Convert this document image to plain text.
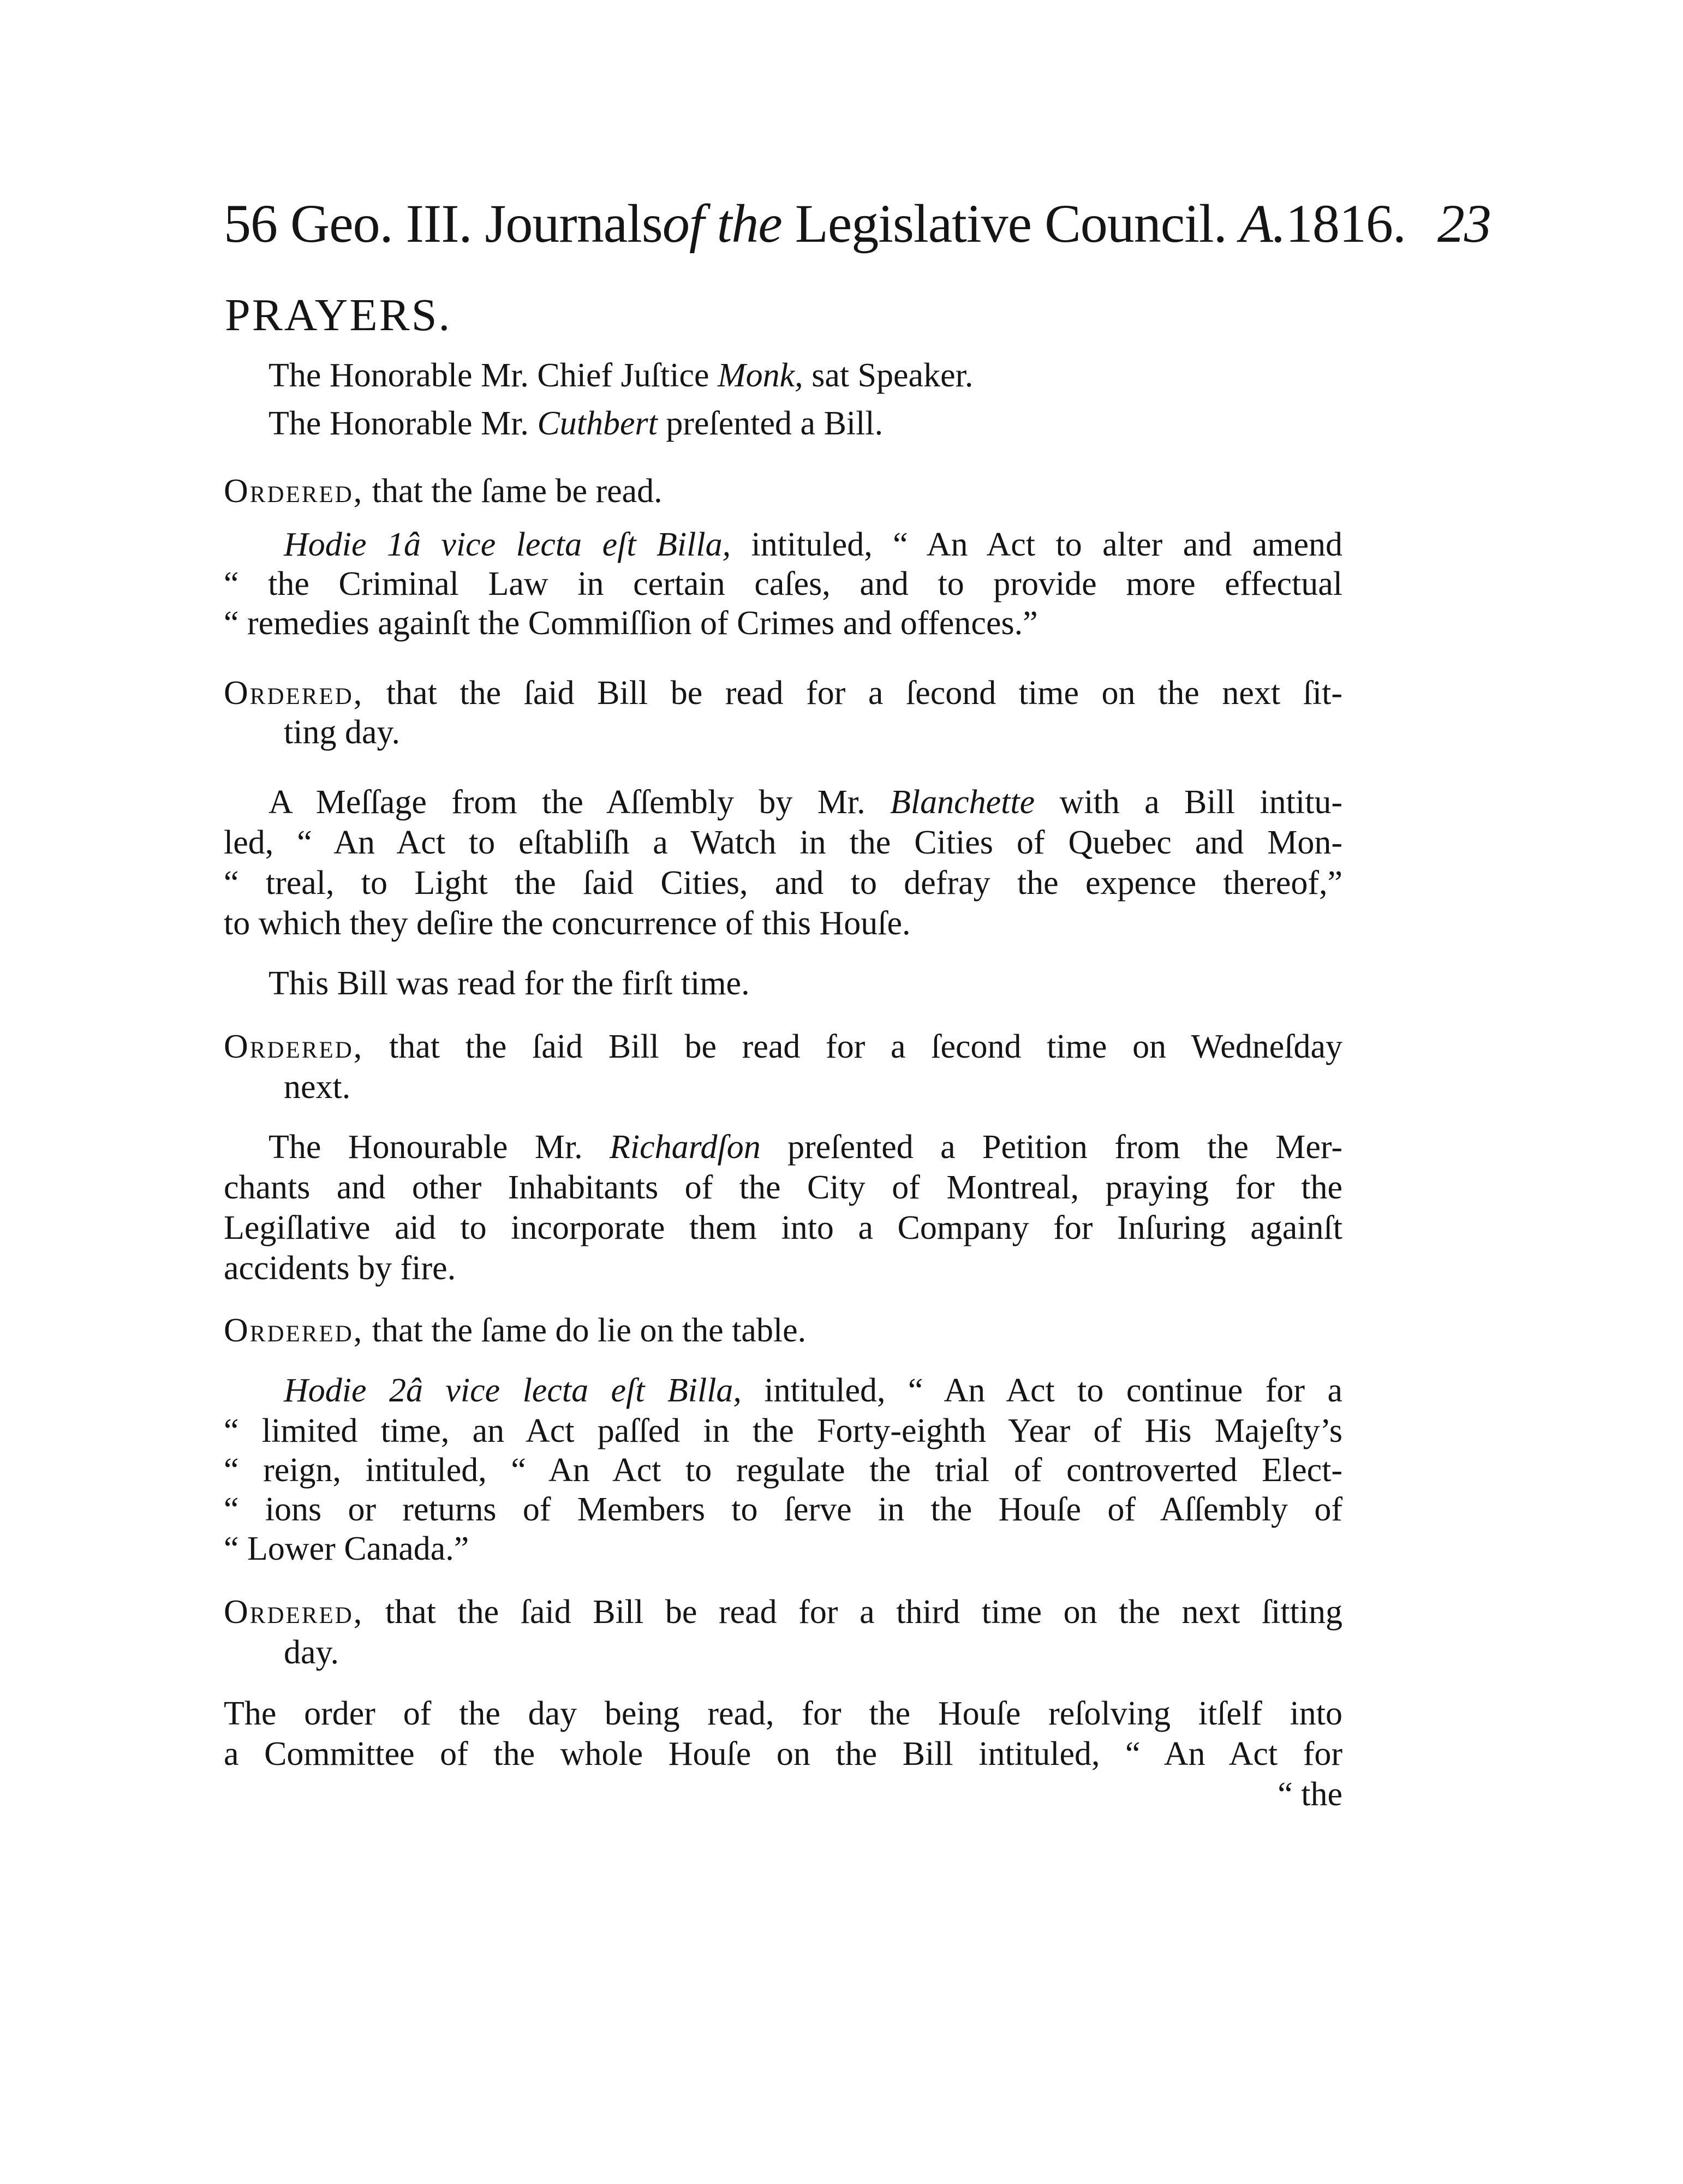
56 Geo. III. Journalsof the Legislative Council. A.1816. 23
PRAYERS.
The Honorable Mr. Chief Juſtice Monk, sat Speaker.
The Honorable Mr. Cuthbert preſented a Bill.
Ordered, that the ſame be read.
Hodie 1â vice lecta eſt Billa, intituled, “ An Act to alter and amend
“ the Criminal Law in certain caſes, and to provide more effectual
“ remedies againſt the Commiſſion of Crimes and offences.”
Ordered, that the ſaid Bill be read for a ſecond time on the next ſit-
ting day.
A Meſſage from the Aſſembly by Mr. Blanchette with a Bill intitu-
led, “ An Act to eſtabliſh a Watch in the Cities of Quebec and Mon-
“ treal, to Light the ſaid Cities, and to defray the expence thereof,”
to which they deſire the concurrence of this Houſe.
This Bill was read for the firſt time.
Ordered, that the ſaid Bill be read for a ſecond time on Wedneſday
next.
The Honourable Mr. Richardſon preſented a Petition from the Mer-
chants and other Inhabitants of the City of Montreal, praying for the
Legiſlative aid to incorporate them into a Company for Inſuring againſt
accidents by fire.
Ordered, that the ſame do lie on the table.
Hodie 2â vice lecta eſt Billa, intituled, “ An Act to continue for a
“ limited time, an Act paſſed in the Forty-eighth Year of His Majeſty’s
“ reign, intituled, “ An Act to regulate the trial of controverted Elect-
“ ions or returns of Members to ſerve in the Houſe of Aſſembly of
“ Lower Canada.”
Ordered, that the ſaid Bill be read for a third time on the next ſitting
day.
The order of the day being read, for the Houſe reſolving itſelf into
a Committee of the whole Houſe on the Bill intituled, “ An Act for
“ the
